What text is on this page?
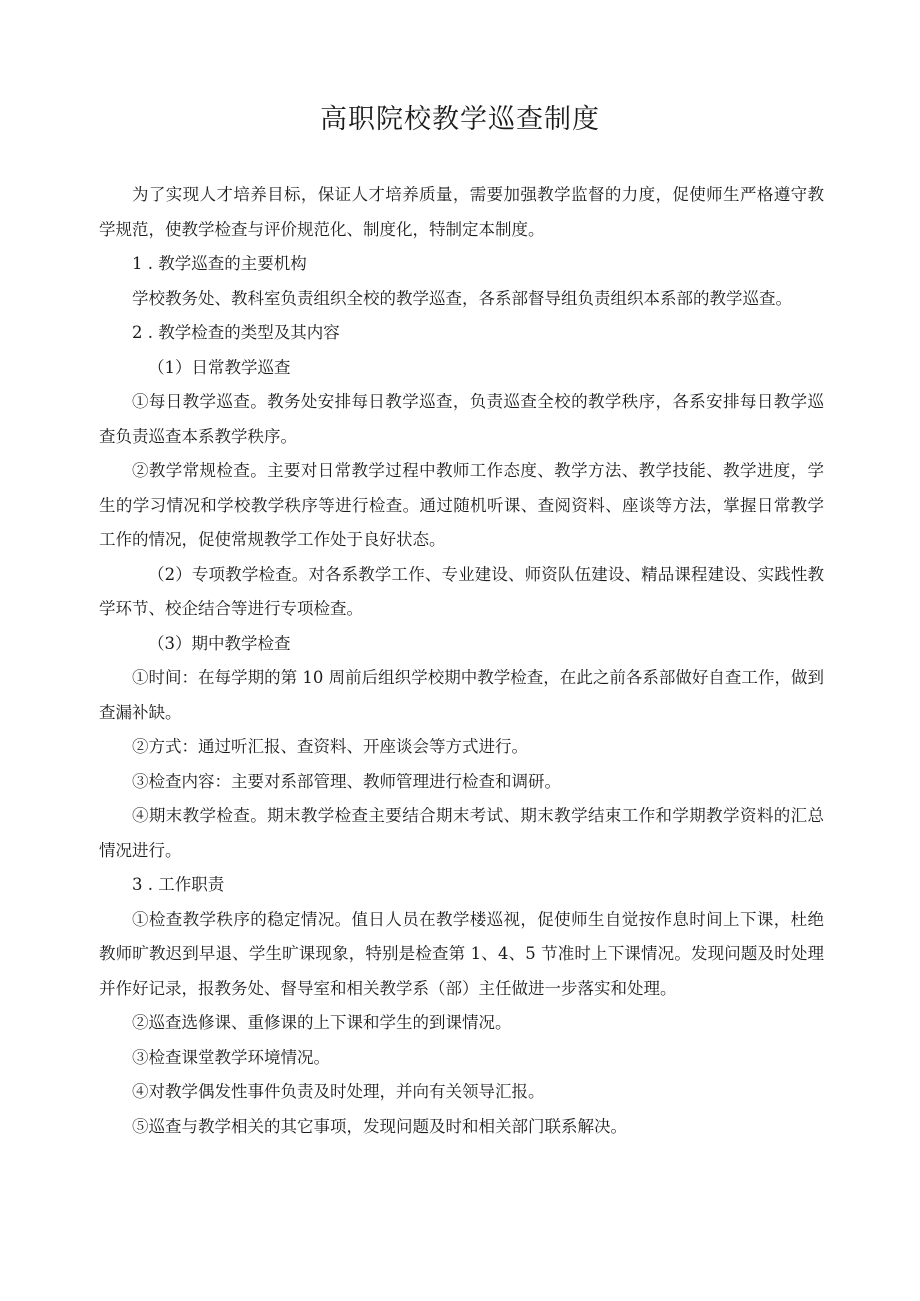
高职院校教学巡查制度

为了实现人才培养目标，保证人才培养质量，需要加强教学监督的力度，促使师生严格遵守教学规范，使教学检查与评价规范化、制度化，特制定本制度。

1 . 教学巡查的主要机构

学校教务处、教科室负责组织全校的教学巡查，各系部督导组负责组织本系部的教学巡查。

2 . 教学检查的类型及其内容

（1）日常教学巡查

①每日教学巡查。教务处安排每日教学巡查，负责巡查全校的教学秩序，各系安排每日教学巡查负责巡查本系教学秩序。

②教学常规检查。主要对日常教学过程中教师工作态度、教学方法、教学技能、教学进度，学生的学习情况和学校教学秩序等进行检查。通过随机听课、查阅资料、座谈等方法，掌握日常教学工作的情况，促使常规教学工作处于良好状态。

（2）专项教学检查。对各系教学工作、专业建设、师资队伍建设、精品课程建设、实践性教学环节、校企结合等进行专项检查。

（3）期中教学检查

①时间：在每学期的第 10 周前后组织学校期中教学检查，在此之前各系部做好自查工作，做到查漏补缺。

②方式：通过听汇报、查资料、开座谈会等方式进行。

③检查内容：主要对系部管理、教师管理进行检查和调研。

④期末教学检查。期末教学检查主要结合期末考试、期末教学结束工作和学期教学资料的汇总情况进行。

3 . 工作职责

①检查教学秩序的稳定情况。值日人员在教学楼巡视，促使师生自觉按作息时间上下课，杜绝教师旷教迟到早退、学生旷课现象，特别是检查第 1、4、5 节准时上下课情况。发现问题及时处理并作好记录，报教务处、督导室和相关教学系（部）主任做进一步落实和处理。

②巡查选修课、重修课的上下课和学生的到课情况。

③检查课堂教学环境情况。

④对教学偶发性事件负责及时处理，并向有关领导汇报。

⑤巡查与教学相关的其它事项，发现问题及时和相关部门联系解决。
